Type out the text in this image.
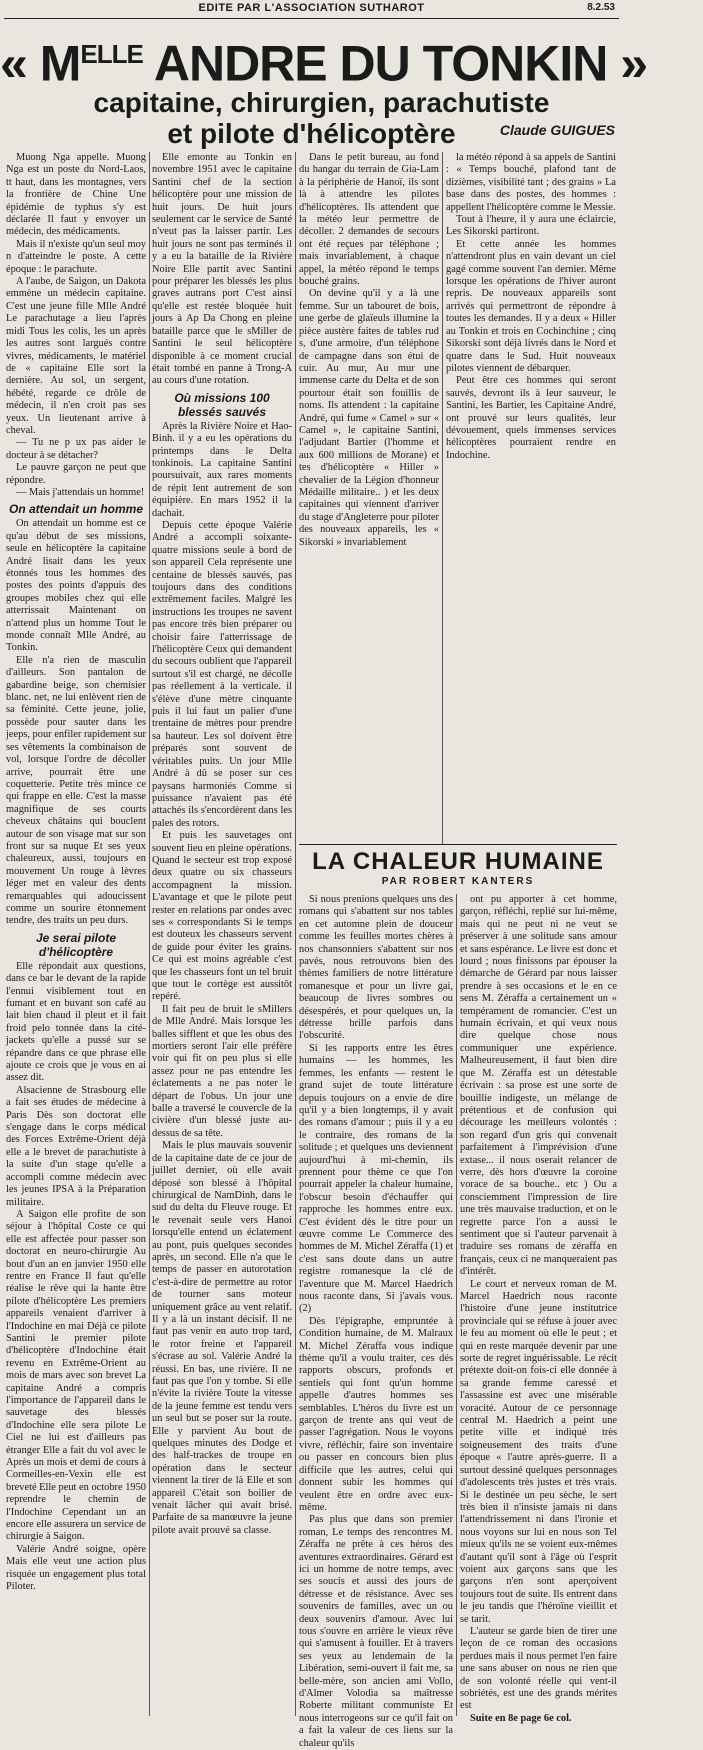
EDITE PAR L'ASSOCIATION SUTHAROT	8.2.53
« $M^{ELLE}$ ANDRE DU TONKIN »
capitaine, chirurgien, parachutiste
et pilote d'hélicoptère	Claude GUIGUES

Muong Nga appelle. Muong Nga est un poste du Nord-Laos, tt haut, dans les montagnes, vers la frontière de Chine Une épidémie de typhus s'y est déclarée Il faut y envoyer un médecin, des médicaments.

Mais il n'existe qu'un seul moy n d'atteindre le poste. A cette époque : le parachute.

A l'aube, de Saigon, un Dakota emmène un médecin capitaine. C'est une jeune fille Mlle André Le parachutage a lieu l'après midi Tous les colis, les un après les autres sont largués contre vivres, médicaments, le matériel de « capitaine Elle sort la dernière. Au sol, un sergent, hébété, regarde ce drôle de médecin, il n'en croit pas ses yeux. Un lieutenant arrive à cheval.

— Tu ne p ux pas aider le docteur à se détacher?

Le pauvre garçon ne peut que répondre.

— Mais j'attendais un homme!

On attendait un homme

On attendait un homme est ce qu'au début de ses missions, seule en hélicoptère la capitaine André lisait dans les yeux étonnés tous les hommes des postes des points d'appuis des groupes mobiles chez qui elle atterrissait Maintenant on n'attend plus un homme Tout le monde connaît Mlle André, au Tonkin.

Elle n'a rien de masculin d'ailleurs. Son pantalon de gabardine beige, son chemisier blanc. net, ne lui enlèvent rien de sa féminité. Cette jeune, jolie, possède pour sauter dans les jeeps, pour enfiler rapidement sur ses vêtements la combinaison de vol, lorsque l'ordre de décoller arrive, pourrait être une coquetterie. Petite très mince ce qui frappe en elle. C'est la masse magnifique de ses courts cheveux châtains qui bouclent autour de son visage mat sur son front sur sa nuque Et ses yeux chaleureux, aussi, toujours en mouvement Un rouge à lèvres léger met en valeur des dents remarquables qui adoucissent comme un sourire étonnement tendre, des traits un peu durs.

Je serai pilote d'hélicoptère

Elle répondait aux questions, dans ce bar le devant de la rapide l'ennui visiblement tout en fumant et en buvant son café au lait bien chaud il pleut et il fait froid pelo tonnée dans la cité-jackets qu'elle a pussé sur se répandre dans ce que phrase elle ajoute ce crois que je vous en ai assez dit.

Alsacienne de Strasbourg elle a fait ses études de médecine à Paris Dès son doctorat elle s'engage dans le corps médical des Forces Extrême-Orient déjà elle a le brevet de parachutiste à la suite d'un stage qu'elle a accompli comme médecin avec les jeunes IPSA à la Préparation militaire.

A Saigon elle profite de son séjour à l'hôpital Coste ce qui elle est affectée pour passer son doctorat en neuro-chirurgie Au bout d'un an en janvier 1950 elle rentre en France Il faut qu'elle réalise le rêve qui la hante être pilote d'hélicoptère Les premiers appareils venaient d'arriver à l'Indochine en mai Déjà ce pilote Santini le premier pilote d'hélicoptère d'Indochine était revenu en Extrême-Orient au mois de mars avec son brevet La capitaine André a compris l'importance de l'appareil dans le sauvetage des blessés d'Indochine elle sera pilote Le Ciel ne lui est d'ailleurs pas étranger Elle a fait du vol avec le Après un mois et demi de cours à Cormeilles-en-Vexin elle est breveté Elle peut en octobre 1950 reprendre le chemin de l'Indochine Cependant un an encore elle assurera un service de chirurgie à Saigon.

Valérie André soigne, opère Mais elle veut une action plus risquée un engagement plus total Piloter.

Elle emonte au Tonkin en novembre 1951 avec le capitaine Santini chef de la section hélicoptère pour une mission de huit jours. De huit jours seulement car le service de Santé n'veut pas la laisser partir. Les huit jours ne sont pas terminés il y a eu la bataille de la Rivière Noire Elle partit avec Santini pour préparer les blessés les plus graves autrans port C'est ainsi qu'elle est restée bloquée huit jours à Ap Da Chong en pleine bataille parce que le sMiller de Santini le seul hélicoptère disponible à ce moment crucial était tombé en panne à Trong-A au cours d'une rotation.

Où missions 100 blessés sauvés

Après la Rivière Noire et Hao-Binh. il y a eu les opérations du printemps dans le Delta tonkinois. La capitaine Santini poursuivait, aux rares moments de répit lent autrement de son équipière. En mars 1952 il la dachait.

Depuis cette époque Valérie André a accompli soixante-quatre missions seule à bord de son appareil Cela représente une centaine de blessés sauvés, pas toujours dans des conditions extrêmement faciles. Malgré les instructions les troupes ne savent pas encore très bien préparer ou choisir faire l'atterrissage de l'hélicoptère Ceux qui demandent du secours oublient que l'appareil surtout s'il est chargé, ne décolle pas réellement à la verticale. il s'élève d'une mètre cinquante puis il lui faut un palier d'une trentaine de mètres pour prendre sa hauteur. Les sol doivent être préparés sont souvent de véritables puits. Un jour Mlle André à dû se poser sur ces paysans harmoniés Comme si puissance n'avaient pas été attachés ils s'encordèrent dans les pales des rotors.

Et puis les sauvetages ont souvent lieu en pleine opérations. Quand le secteur est trop exposé deux quatre ou six chasseurs accompagnent la mission. L'avantage et que le pilote peut rester en relations par ondes avec ses « correspondants Si le temps est douteux les chasseurs servent de guide pour éviter les grains. Ce qui est moins agréable c'est que les chasseurs font un tel bruit que tout le cortège est aussitôt repéré.

Il fait peu de bruit le sMillers de Mlle André. Mais lorsque les balles sifflent et que les obus des mortiers seront l'air elle préfère voir qui fit on peu plus si elle assez pour ne pas entendre les éclatements a ne pas noter le départ de l'obus. Un jour une balle a traversé le couvercle de la civière d'un blessé juste au-dessus de sa tête.

Mais le plus mauvais souvenir de la capitaine date de ce jour de juillet dernier, où elle avait déposé son blessé à l'hôpital chirurgical de NamDinh, dans le sud du delta du Fleuve rouge. Et le revenait seule vers Hanoi lorsqu'elle entend un éclatement au pont, puis quelques secondes après, un second. Elle n'a que le temps de passer en autorotation c'est-à-dire de permettre au rotor de tourner sans moteur uniquement grâce au vent relatif. Il y a là un instant décisif. Il ne faut pas venir en auto trop tard, le rotor freine et l'appareil s'écrase au sol. Valérie André la réussi. En bas, une rivière. Il ne faut pas que l'on y tombe. Si elle n'évite la rivière Toute la vitesse de la jeune femme est tendu vers un seul but se poser sur la route. Elle y parvient Au bout de quelques minutes des Dodge et des half-trackes de troupe en opération dans le secteur viennent la tirer de là Elle et son appareil C'était son boilier de venait lâcher qui avait brisé. Parfaite de sa manœuvre la jeune pilote avait prouvé sa classe.

Dans le petit bureau, au fond du hangar du terrain de Gia-Lam à la périphérie de Hanoï, ils sont là à attendre les pilotes d'hélicoptères. Ils attendent que la météo leur permettre de décoller. 2 demandes de secours ont été reçues par téléphone ; mais invariablement, à chaque appel, la météo répond le temps bouché grains.

On devine qu'il y a là une femme. Sur un tabouret de bois, une gerbe de glaïeuls illumine la pièce austère faites de tables rud s, d'une armoire, d'un téléphone de campagne dans son étui de cuir. Au mur, Au mur une immense carte du Delta et de son pourtour était son fouillis de noms. Ils attendent : la capitaine André, qui fume « Camel » sur « Camel », le capitaine Santini, l'adjudant Bartier (l'homme et aux 600 millions de Morane) et tes d'hélicoptère « Hiller » chevalier de la Légion d'honneur Médaille militaire.. ) et les deux capitaines qui viennent d'arriver du stage d'Angleterre pour piloter des nouveaux appareils, les « Sikorski » invariablement

la météo répond à sa appels de Santini : « Temps bouché, plafond tant de dizièmes, visibilité tant ; des grains » La base dans des postes, des hommes : appellent l'hélicoptère comme le Messie.

Tout à l'heure, il y aura une éclaircie, Les Sikorski partiront.

Et cette année les hommes n'attendront plus en vain devant un ciel gagé comme souvent l'an dernier. Même lorsque les opérations de l'hiver auront repris. De nouveaux appareils sont arrivés qui permettront de répondre à toutes les demandes. Il y a deux « Hiller au Tonkin et trois en Cochinchine ; cinq Sikorski sont déjà livrés dans le Nord et quatre dans le Sud. Huit nouveaux pilotes viennent de débarquer.

Peut être ces hommes qui seront sauvés, devront ils à leur sauveur, le Santini, les Bartier, les Capitaine André, ont prouvé sur leurs qualités, leur dévouement, quels immenses services hélicoptères pourraient rendre en Indochine.

LA CHALEUR HUMAINE
PAR ROBERT KANTERS

Si nous prenions quelques uns des romans qui s'abattent sur nos tables en cet automne plein de douceur comme les feuilles mortes chères à nos chansonniers s'abattent sur nos pavés, nous retrouvons bien des thèmes familiers de notre littérature romanesque et pour un livre gai, beaucoup de livres sombres ou désespérés, et pour quelques un, la détresse brille parfois dans l'obscurité.

Si les rapports entre les êtres humains — les hommes, les femmes, les enfants — restent le grand sujet de toute littérature depuis toujours on a envie de dire qu'il y a bien longtemps, il y avait des romans d'amour ; puis il y a eu le contraire, des romans de la solitude ; et quelques uns deviennent aujourd'hui à mi-chemin, ils prennent pour thème ce que l'on pourrait appeler la chaleur humaine, l'obscur besoin d'échauffer qui rapproche les hommes entre eux. C'est évident dès le titre pour un œuvre comme Le Commerce des hommes de M. Michel Zéraffa (1) et c'est sans doute dans un autre registre romanesque la clé de l'aventure que M. Marcel Haedrich nous raconte dans, Si j'avais vous. (2)

Dès l'épigraphe, empruntée à Condition humaine, de M. Malraux M. Michel Zéraffa vous indique thème qu'il a voulu traiter, ces dés rapports obscurs, profonds et sentiels qui font qu'un homme appelle d'autres hommes ses semblables. L'héros du livre est un garçon de trente ans qui veut de passer l'agrégation. Nous le voyons vivre, réfléchir, faire son inventaire ou passer en concours bien plus difficile que les autres, celui qui donnent subir les hommes qui veulent être en ordre avec eux-même.

Pas plus que dans son premier roman, Le temps des rencontres M. Zéraffa ne prête à ces héros des aventures extraordinaires. Gérard est ici un homme de notre temps, avec ses soucis et aussi des jours de détresse et de résistance. Avec ses souvenirs de familles, avec un ou deux souvenirs d'amour. Avec lui tous s'ouvre en arrière le vieux rêve qui s'amusent à fouiller. Et à travers ses yeux au lendemain de la Libération, semi-ouvert il fait me, sa belle-mère, son ancien ami Vollo, d'Almer Volodia sa maîtresse Roberte militant communiste Et nous interrogeons sur ce qu'il fait on a fait la valeur de ces liens sur la chaleur qu'ils

ont pu apporter à cet homme, garçon, réfléchi, replié sur lui-même, mais qui ne peut ni ne veut se préserver à une solitude sans amour et sans espérance. Le livre est donc et lourd ; nous finissons par épouser la démarche de Gérard par nous laisser prendre à ses occasions et le en ce sens M. Zéraffa a certainement un « tempérament de romancier. C'est un humain écrivain, et qui veux nous dire quelque chose nous communiquer une expérience. Malheureusement, il faut bien dire que M. Zéraffa est un détestable écrivain : sa prose est une sorte de bouillie indigeste, un mélange de prétentious et de confusion qui décourage les meilleurs volontés : son regard d'un gris qui convenait parfaitement à l'imprévision d'une extase... il nous oserait relancer de verre, dès hors d'œuvre la coroine vorace de sa bouche.. etc ) Ou a consciemment l'impression de lire une très mauvaise traduction, et on le regrette parce l'on a aussi le sentiment que si l'auteur parvenait à traduire ses romans de zéraffa en français, ceux ci ne manqueraient pas d'intérêt.

Le court et nerveux roman de M. Marcel Haedrich nous raconte l'histoire d'une jeune institutrice provinciale qui se réfuse à jouer avec le feu au moment où elle le peut ; et qui en reste marquée devenir par une sorte de regret inguérissable. Le récit prétexte doit-on fois-ci elle donnée à sa grande femme caressé et l'assassine est avec une misérable voracité. Autour de ce personnage central M. Haedrich a peint une petite ville et indiqué très soigneusement des traits d'une époque « l'autre après-guerre. Il a surtout dessiné quelques personnages d'adolescents très justes et très vrais. Si le destinée un peu sèche, le sert très bien il n'insiste jamais ni dans l'attendrissement ni dans l'ironie et nous voyons sur lui en nous son Tel mieux qu'ils ne se voient eux-mêmes d'autant qu'il sont à l'âge où l'esprit voient aux garçons sans que les garçons n'en sont aperçoivent toujours tout de suite. Ils entrent dans le jeu tandis que l'héroïne vieillit et se tarit.

L'auteur se garde bien de tirer une leçon de ce roman des occasions perdues mais il nous permet l'en faire une sans abuser on nous ne rien que de son volonté réelle qui vent-il sobriétés, est une des grands mérites est

Suite en 8e page 6e col.
